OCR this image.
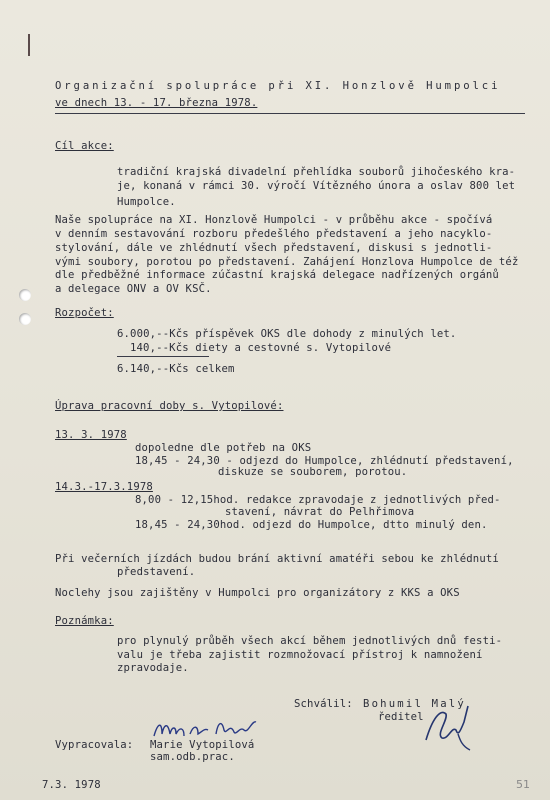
Organizační spolupráce při XI. Honzlově Humpolci
ve dnech 13. - 17. března 1978.
Cíl akce:
tradiční krajská divadelní přehlídka souborů jihočeského kra-
je, konaná v rámci 30. výročí Vítězného února a oslav 800 let
Humpolce.
Naše spolupráce na XI. Honzlově Humpolci - v průběhu akce - spočívá
v denním sestavování rozboru předešlého představení a jeho nacyklo-
stylování, dále ve zhlédnutí všech představení, diskusi s jednotli-
vými soubory, porotou po představení. Zahájení Honzlova Humpolce de též
dle předběžné informace zúčastní krajská delegace nadřízených orgánů
a delegace ONV a OV KSČ.
Rozpočet:
6.000,--Kčs příspěvek OKS dle dohody z minulých let.
140,--Kčs diety a cestovné s. Vytopilové
6.140,--Kčs celkem
Úprava pracovní doby s. Vytopilové:
13. 3. 1978
dopoledne dle potřeb na OKS
18,45 - 24,30 - odjezd do Humpolce, zhlédnutí představení,
diskuze se souborem, porotou.
14.3.-17.3.1978
8,00 - 12,15hod. redakce zpravodaje z jednotlivých před-
stavení, návrat do Pelhřimova
18,45 - 24,30hod. odjezd do Humpolce, dtto minulý den.
Při večerních jízdách budou brání aktivní amatéři sebou ke zhlédnutí
představení.
Noclehy jsou zajištěny v Humpolci pro organizátory z KKS a OKS
Poznámka:
pro plynulý průběh všech akcí během jednotlivých dnů festi-
valu je třeba zajistit rozmnožovací přístroj k namnožení
zpravodaje.
Schválil: Bohumil Malý
ředitel
Vypracovala: Marie Vytopilová
sam.odb.prac.
7.3. 1978	51
